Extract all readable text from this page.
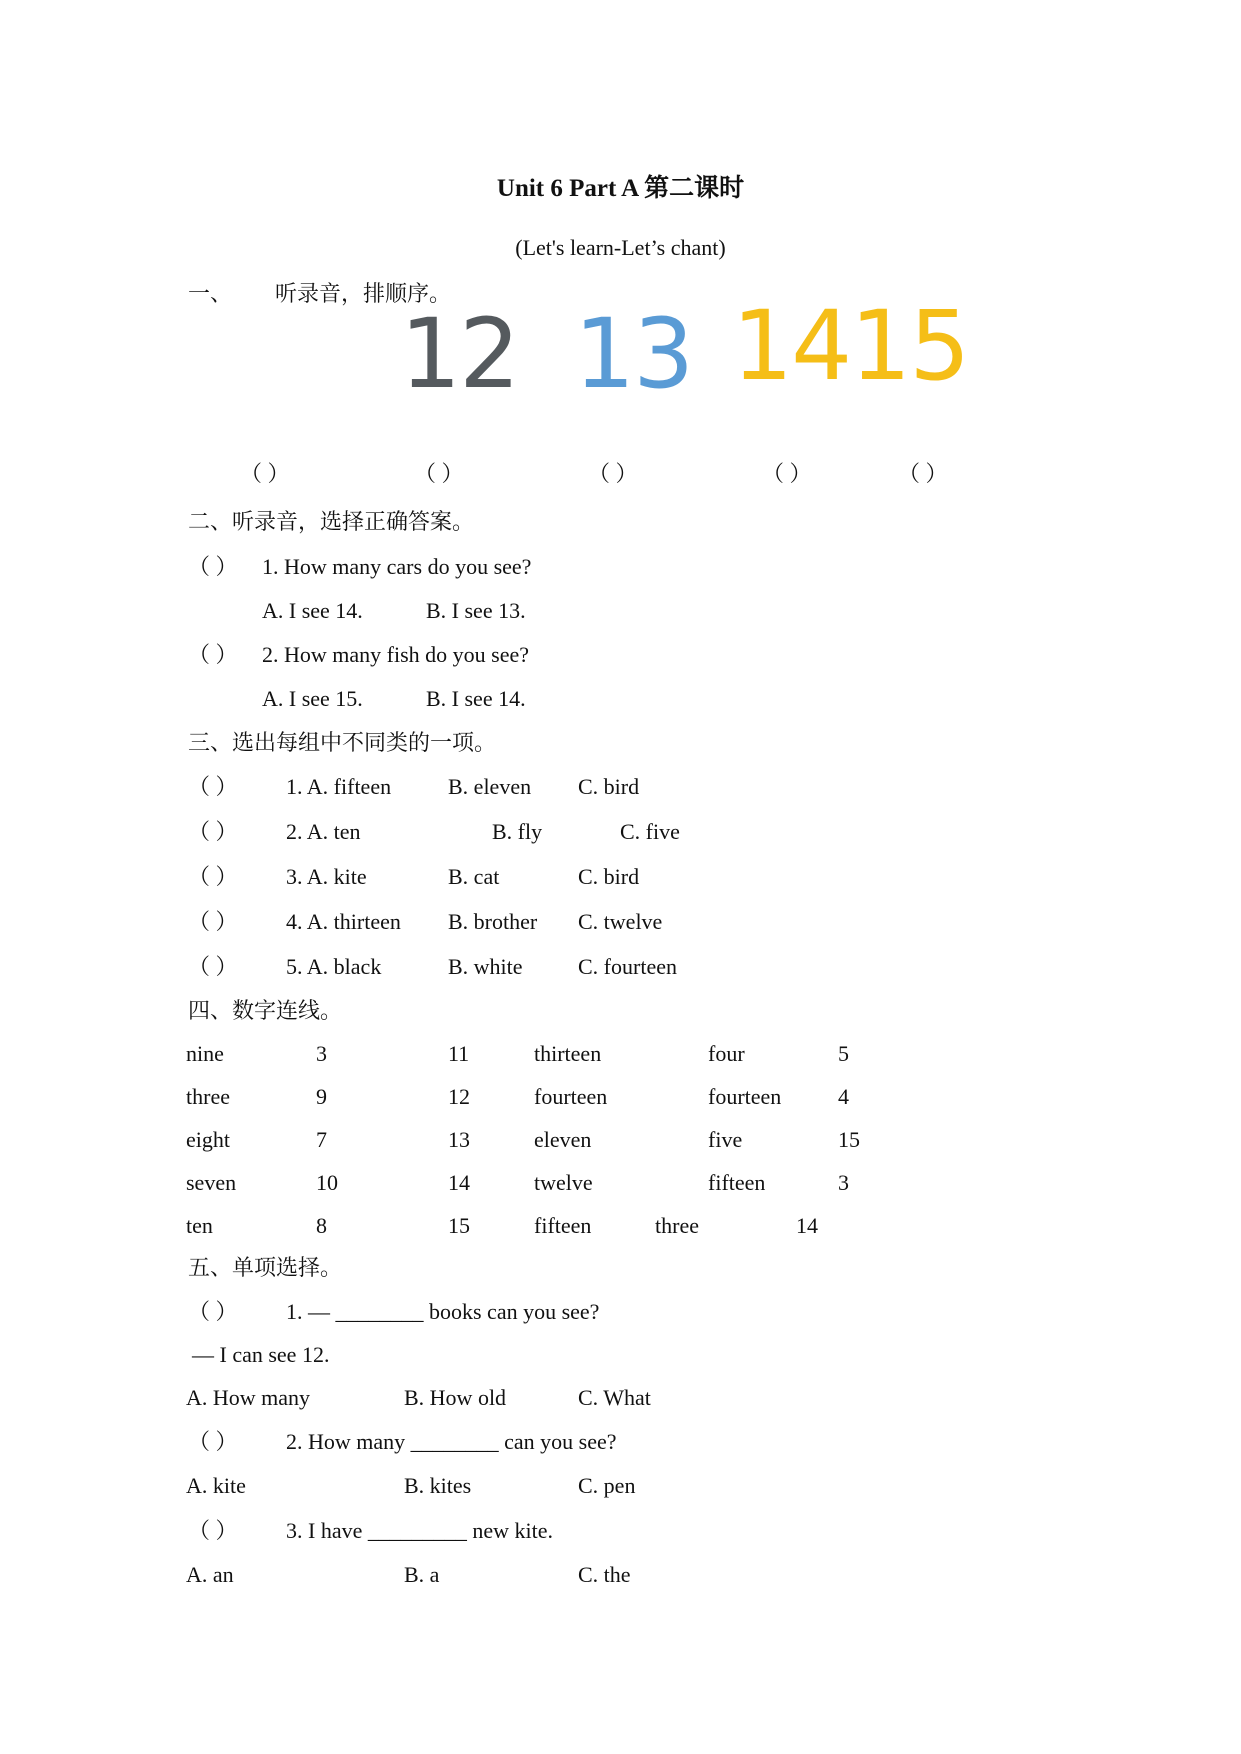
Unit 6 Part A 第二课时
(Let's learn-Let’s chant)
一、 听录音，排顺序。
12 13 1415
（ ）	（ ）	（ ）	（ ）	（ ）
二、听录音，选择正确答案。
（ ） 1. How many cars do you see?
A. I see 14.	B. I see 13.
（ ） 2. How many fish do you see?
A. I see 15.	B. I see 14.
三、选出每组中不同类的一项。
（ ） 1. A. fifteen	B. eleven C. bird
（ ） 2. A. ten	B. fly	C. five
（ ） 3. A. kite	B. cat	C. bird
（ ） 4. A. thirteen B. brother C. twelve
（ ） 5. A. black	B. white	C. fourteen
四、数字连线。
nine	3	11	thirteen	four	5
three	9	12	fourteen	fourteen	4
eight	7	13	eleven	five	15
seven	10	14	twelve	fifteen	3
ten	8	15	fifteen	three	14
五、单项选择。
（ ） 1. — ________ books can you see?
— I can see 12.
A. How many	B. How old	C. What
（ ） 2. How many ________ can you see?
A. kite	B. kites	C. pen
（ ） 3. I have _________ new kite.
A. an	B. a	C. the
